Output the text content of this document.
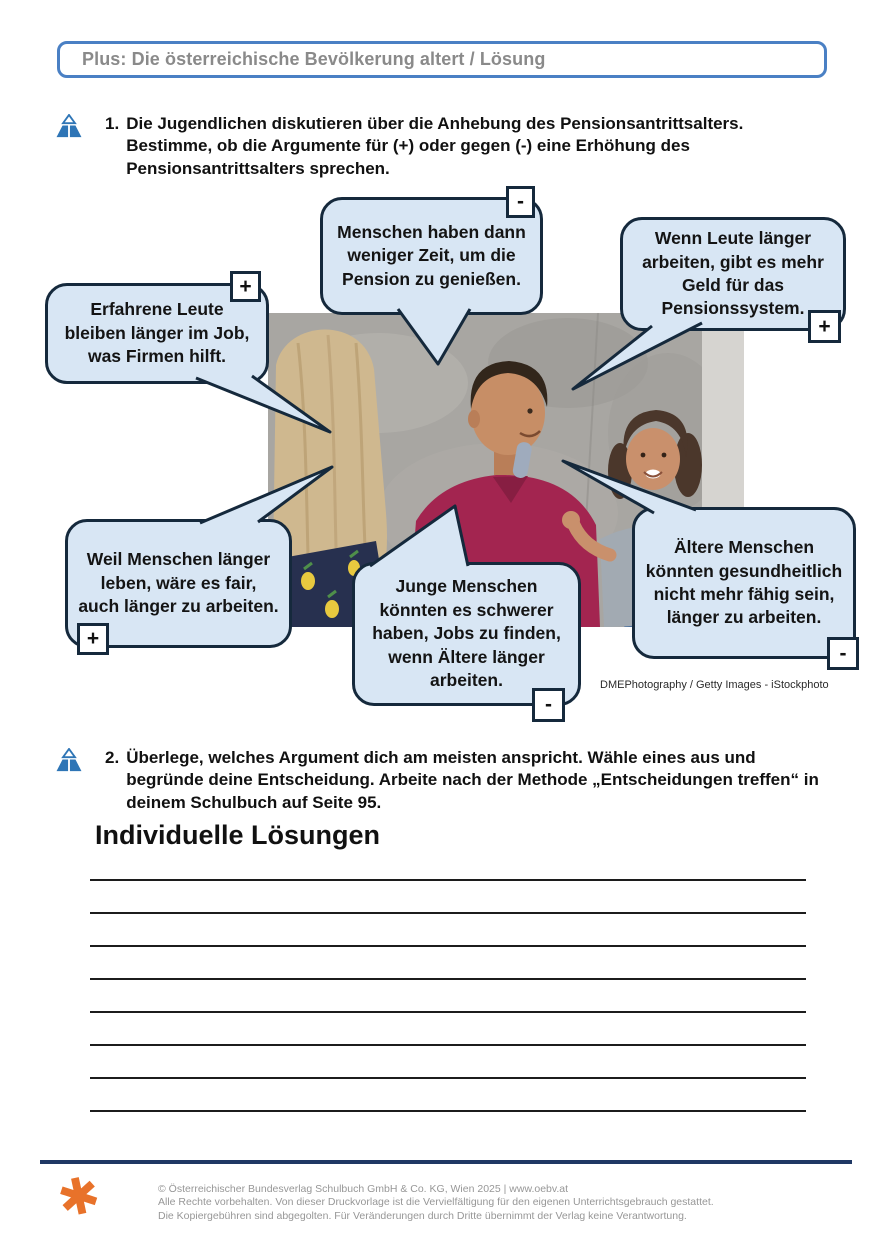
Plus: Die österreichische Bevölkerung altert / Lösung
1. Die Jugendlichen diskutieren über die Anhebung des Pensionsantrittsalters. Bestimme, ob die Argumente für (+) oder gegen (-) eine Erhöhung des Pensionsantrittsalters sprechen.
Erfahrene Leute bleiben länger im Job, was Firmen hilft.
Menschen haben dann weniger Zeit, um die Pension zu genießen.
Wenn Leute länger arbeiten, gibt es mehr Geld für das Pensionssystem.
Weil Menschen länger leben, wäre es fair, auch länger zu arbeiten.
Junge Menschen könnten es schwerer haben, Jobs zu finden, wenn Ältere länger arbeiten.
Ältere Menschen könnten gesundheitlich nicht mehr fähig sein, länger zu arbeiten.
+
-
+
+
-
-
DMEPhotography / Getty Images - iStockphoto
2. Überlege, welches Argument dich am meisten anspricht. Wähle eines aus und begründe deine Entscheidung. Arbeite nach der Methode „Entscheidungen treffen“ in deinem Schulbuch auf Seite 95.
Individuelle Lösungen
✱	© Österreichischer Bundesverlag Schulbuch GmbH & Co. KG, Wien 2025 | www.oebv.at
Alle Rechte vorbehalten. Von dieser Druckvorlage ist die Vervielfältigung für den eigenen Unterrichtsgebrauch gestattet.
Die Kopiergebühren sind abgegolten. Für Veränderungen durch Dritte übernimmt der Verlag keine Verantwortung.
